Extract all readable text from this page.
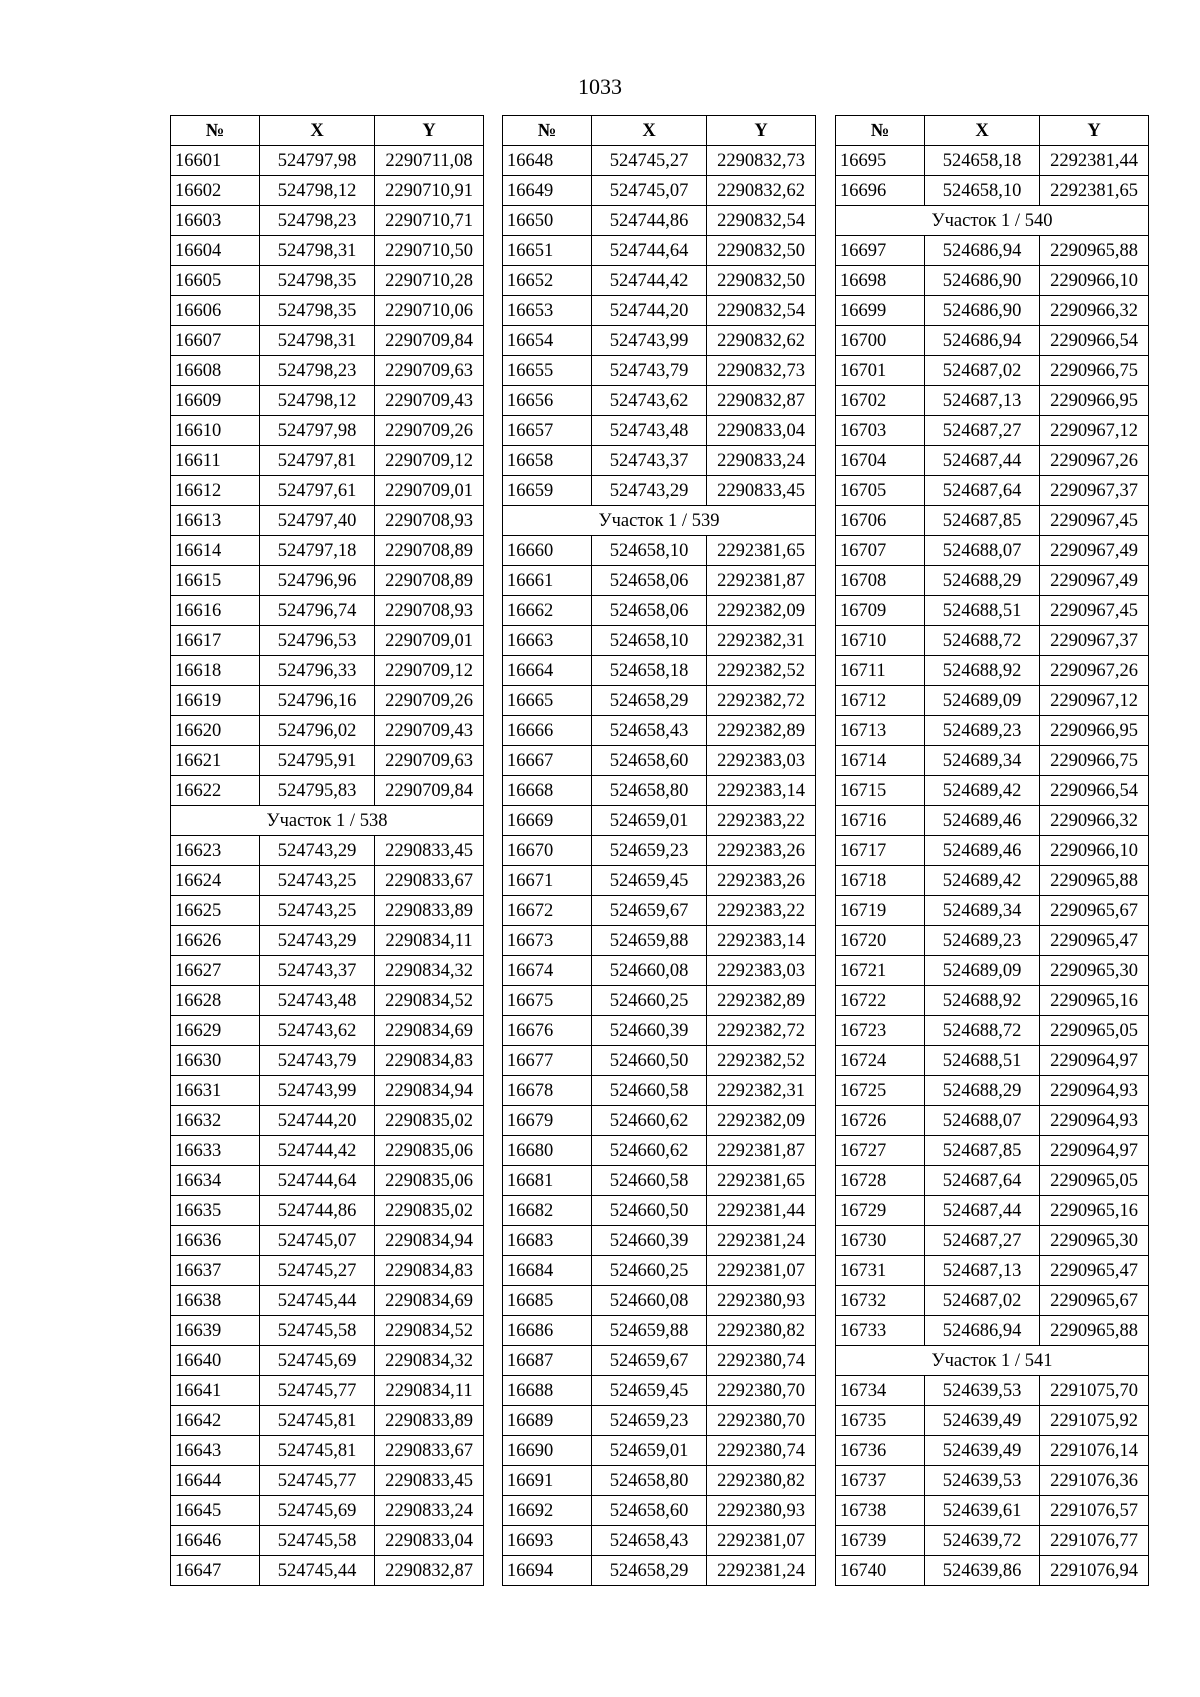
1033
№	X	Y
16601	524797,98	2290711,08
16602	524798,12	2290710,91
16603	524798,23	2290710,71
16604	524798,31	2290710,50
16605	524798,35	2290710,28
16606	524798,35	2290710,06
16607	524798,31	2290709,84
16608	524798,23	2290709,63
16609	524798,12	2290709,43
16610	524797,98	2290709,26
16611	524797,81	2290709,12
16612	524797,61	2290709,01
16613	524797,40	2290708,93
16614	524797,18	2290708,89
16615	524796,96	2290708,89
16616	524796,74	2290708,93
16617	524796,53	2290709,01
16618	524796,33	2290709,12
16619	524796,16	2290709,26
16620	524796,02	2290709,43
16621	524795,91	2290709,63
16622	524795,83	2290709,84
Участок 1 / 538		
16623	524743,29	2290833,45
16624	524743,25	2290833,67
16625	524743,25	2290833,89
16626	524743,29	2290834,11
16627	524743,37	2290834,32
16628	524743,48	2290834,52
16629	524743,62	2290834,69
16630	524743,79	2290834,83
16631	524743,99	2290834,94
16632	524744,20	2290835,02
16633	524744,42	2290835,06
16634	524744,64	2290835,06
16635	524744,86	2290835,02
16636	524745,07	2290834,94
16637	524745,27	2290834,83
16638	524745,44	2290834,69
16639	524745,58	2290834,52
16640	524745,69	2290834,32
16641	524745,77	2290834,11
16642	524745,81	2290833,89
16643	524745,81	2290833,67
16644	524745,77	2290833,45
16645	524745,69	2290833,24
16646	524745,58	2290833,04
16647	524745,44	2290832,87
№	X	Y
16648	524745,27	2290832,73
16649	524745,07	2290832,62
16650	524744,86	2290832,54
16651	524744,64	2290832,50
16652	524744,42	2290832,50
16653	524744,20	2290832,54
16654	524743,99	2290832,62
16655	524743,79	2290832,73
16656	524743,62	2290832,87
16657	524743,48	2290833,04
16658	524743,37	2290833,24
16659	524743,29	2290833,45
Участок 1 / 539		
16660	524658,10	2292381,65
16661	524658,06	2292381,87
16662	524658,06	2292382,09
16663	524658,10	2292382,31
16664	524658,18	2292382,52
16665	524658,29	2292382,72
16666	524658,43	2292382,89
16667	524658,60	2292383,03
16668	524658,80	2292383,14
16669	524659,01	2292383,22
16670	524659,23	2292383,26
16671	524659,45	2292383,26
16672	524659,67	2292383,22
16673	524659,88	2292383,14
16674	524660,08	2292383,03
16675	524660,25	2292382,89
16676	524660,39	2292382,72
16677	524660,50	2292382,52
16678	524660,58	2292382,31
16679	524660,62	2292382,09
16680	524660,62	2292381,87
16681	524660,58	2292381,65
16682	524660,50	2292381,44
16683	524660,39	2292381,24
16684	524660,25	2292381,07
16685	524660,08	2292380,93
16686	524659,88	2292380,82
16687	524659,67	2292380,74
16688	524659,45	2292380,70
16689	524659,23	2292380,70
16690	524659,01	2292380,74
16691	524658,80	2292380,82
16692	524658,60	2292380,93
16693	524658,43	2292381,07
16694	524658,29	2292381,24
№	X	Y
16695	524658,18	2292381,44
16696	524658,10	2292381,65
Участок 1 / 540		
16697	524686,94	2290965,88
16698	524686,90	2290966,10
16699	524686,90	2290966,32
16700	524686,94	2290966,54
16701	524687,02	2290966,75
16702	524687,13	2290966,95
16703	524687,27	2290967,12
16704	524687,44	2290967,26
16705	524687,64	2290967,37
16706	524687,85	2290967,45
16707	524688,07	2290967,49
16708	524688,29	2290967,49
16709	524688,51	2290967,45
16710	524688,72	2290967,37
16711	524688,92	2290967,26
16712	524689,09	2290967,12
16713	524689,23	2290966,95
16714	524689,34	2290966,75
16715	524689,42	2290966,54
16716	524689,46	2290966,32
16717	524689,46	2290966,10
16718	524689,42	2290965,88
16719	524689,34	2290965,67
16720	524689,23	2290965,47
16721	524689,09	2290965,30
16722	524688,92	2290965,16
16723	524688,72	2290965,05
16724	524688,51	2290964,97
16725	524688,29	2290964,93
16726	524688,07	2290964,93
16727	524687,85	2290964,97
16728	524687,64	2290965,05
16729	524687,44	2290965,16
16730	524687,27	2290965,30
16731	524687,13	2290965,47
16732	524687,02	2290965,67
16733	524686,94	2290965,88
Участок 1 / 541		
16734	524639,53	2291075,70
16735	524639,49	2291075,92
16736	524639,49	2291076,14
16737	524639,53	2291076,36
16738	524639,61	2291076,57
16739	524639,72	2291076,77
16740	524639,86	2291076,94
